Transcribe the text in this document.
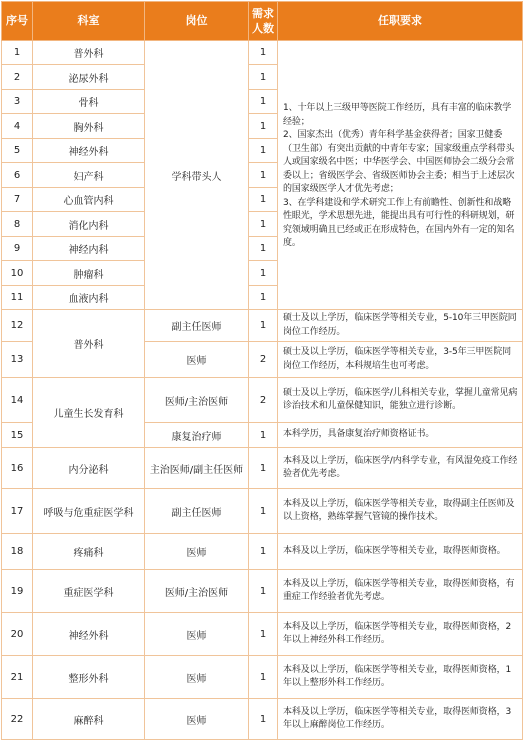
序号	科室	岗位	需求人数	任职要求
1	普外科	学科带头人	1	1、十年以上三级甲等医院工作经历，具有丰富的临床教学经验；
2、国家杰出（优秀）青年科学基金获得者；国家卫健委（卫生部）有突出贡献的中青年专家；国家级重点学科带头人或国家级名中医；中华医学会、中国医师协会二级分会常委以上；省级医学会、省级医师协会主委；相当于上述层次的国家级医学人才优先考虑；
3、在学科建设和学术研究工作上有前瞻性、创新性和战略性眼光，学术思想先进，能提出具有可行性的科研规划，研究领域明确且已经或正在形成特色，在国内外有一定的知名度。

2	泌尿外科		1	
3	骨科		1	
4	胸外科		1	
5	神经外科		1	
6	妇产科		1	
7	心血管内科		1	
8	消化内科		1	
9	神经内科		1	
10	肿瘤科		1	
11	血液内科		1	
12	普外科	副主任医师	1	硕士及以上学历，临床医学等相关专业，5-10年三甲医院同岗位工作经历。
13		医师	2	硕士及以上学历，临床医学等相关专业，3-5年三甲医院同岗位工作经历，本科规培生也可考虑。
14	儿童生长发育科	医师/主治医师	2	硕士及以上学历，临床医学/儿科相关专业，掌握儿童常见病诊治技术和儿童保健知识，能独立进行诊断。
15		康复治疗师	1	本科学历，具备康复治疗师资格证书。
16	内分泌科	主治医师/副主任医师	1	本科及以上学历，临床医学/内科学专业，有风湿免疫工作经验者优先考虑。
17	呼吸与危重症医学科	副主任医师	1	本科及以上学历，临床医学等相关专业，取得副主任医师及以上资格，熟练掌握气管镜的操作技术。
18	疼痛科	医师	1	本科及以上学历，临床医学等相关专业，取得医师资格。
19	重症医学科	医师/主治医师	1	本科及以上学历，临床医学等相关专业，取得医师资格，有重症工作经验者优先考虑。
20	神经外科	医师	1	本科及以上学历，临床医学等相关专业，取得医师资格，2年以上神经外科工作经历。
21	整形外科	医师	1	本科及以上学历，临床医学等相关专业，取得医师资格，1年以上整形外科工作经历。
22	麻醉科	医师	1	本科及以上学历，临床医学等相关专业，取得医师资格，3年以上麻醉岗位工作经历。
